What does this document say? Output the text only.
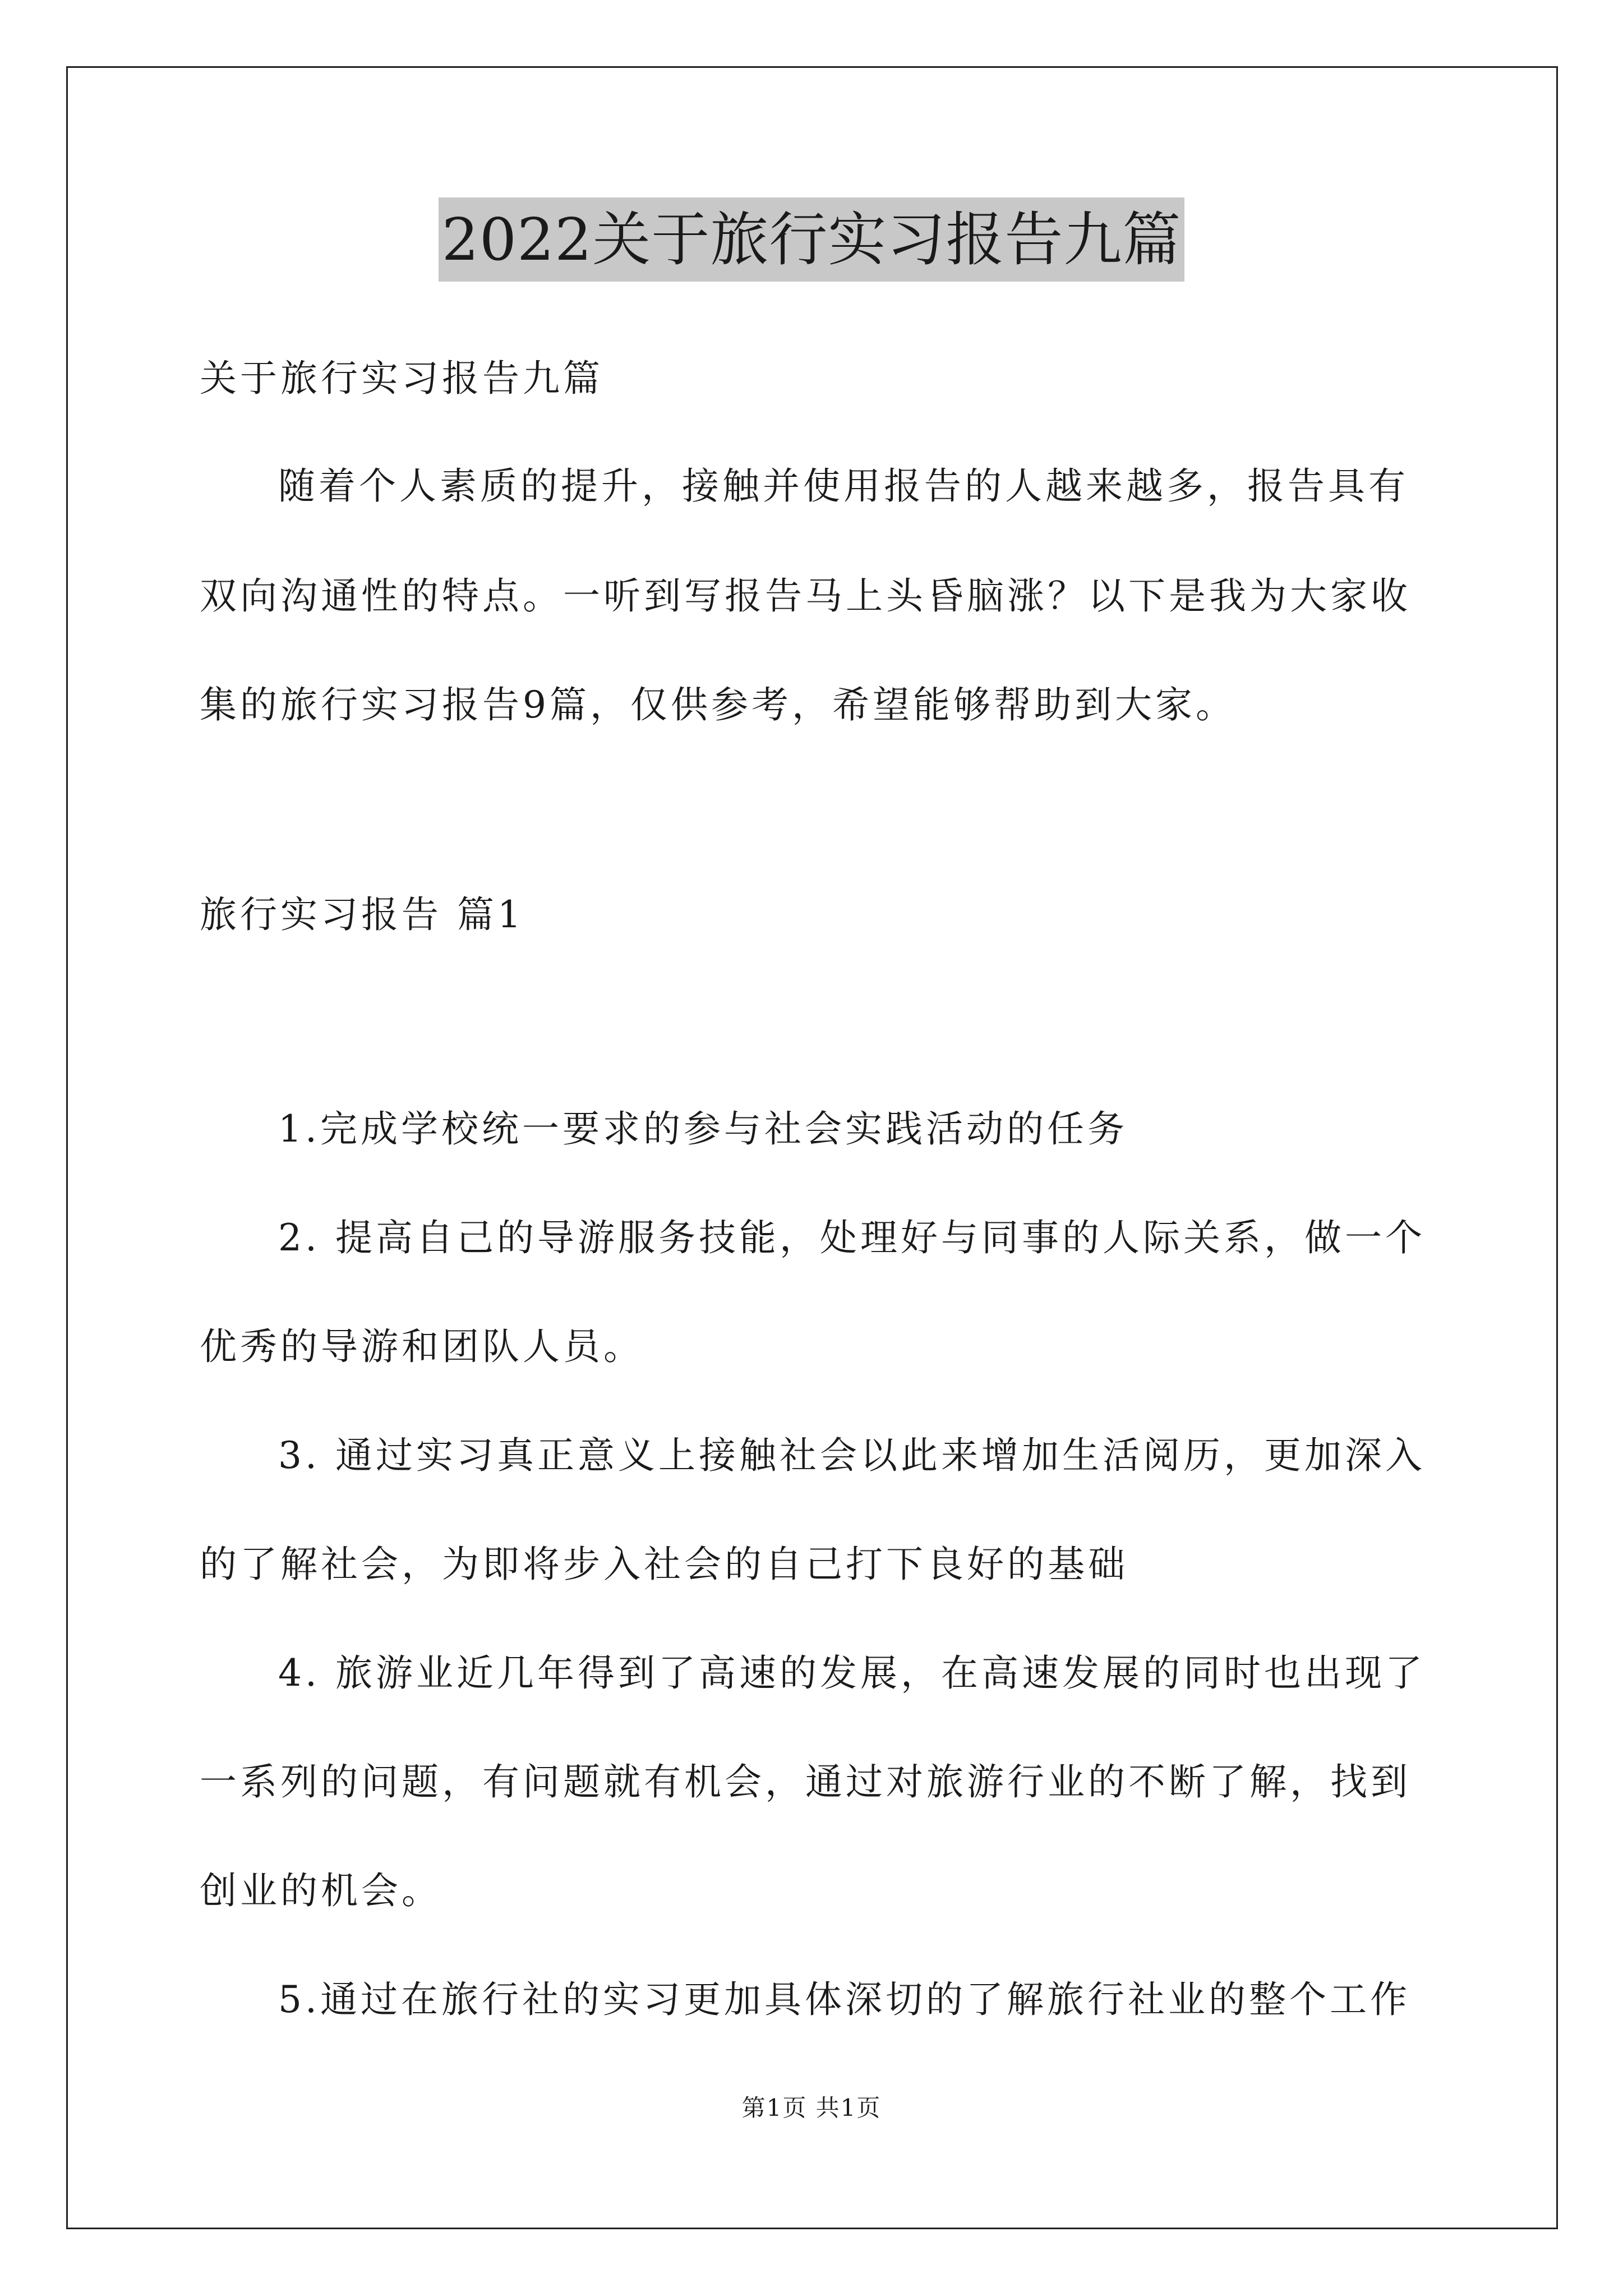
2022关于旅行实习报告九篇
关于旅行实习报告九篇
随着个人素质的提升，接触并使用报告的人越来越多，报告具有
双向沟通性的特点。一听到写报告马上头昏脑涨？以下是我为大家收
集的旅行实习报告9篇，仅供参考，希望能够帮助到大家。
旅行实习报告 篇1
1.完成学校统一要求的参与社会实践活动的任务
2. 提高自己的导游服务技能，处理好与同事的人际关系，做一个
优秀的导游和团队人员。
3. 通过实习真正意义上接触社会以此来增加生活阅历，更加深入
的了解社会，为即将步入社会的自己打下良好的基础
4. 旅游业近几年得到了高速的发展，在高速发展的同时也出现了
一系列的问题，有问题就有机会，通过对旅游行业的不断了解，找到
创业的机会。
5.通过在旅行社的实习更加具体深切的了解旅行社业的整个工作
第1页 共1页
